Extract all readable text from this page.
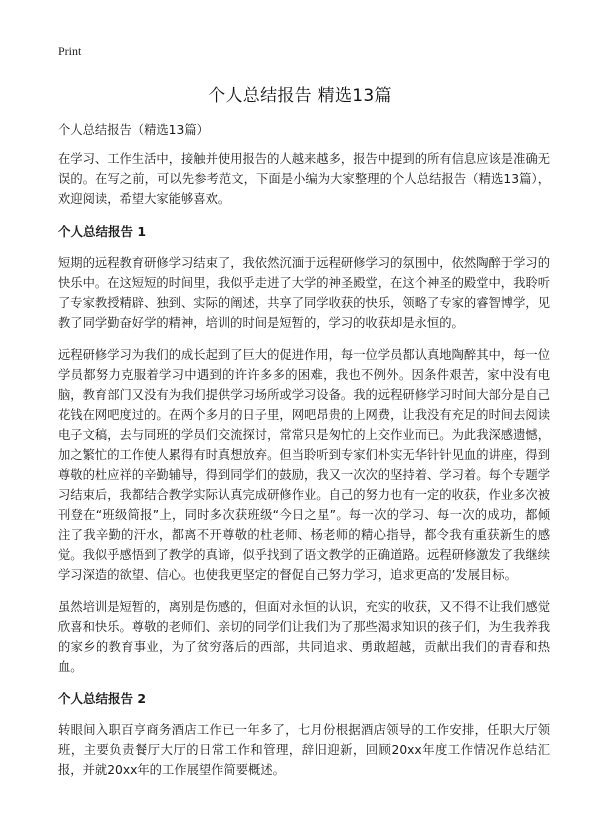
Print
个人总结报告 精选13篇
个人总结报告（精选13篇）

在学习、工作生活中，接触并使用报告的人越来越多，报告中提到的所有信息应该是准确无误的。在写之前，可以先参考范文，下面是小编为大家整理的个人总结报告（精选13篇），欢迎阅读，希望大家能够喜欢。

个人总结报告 1

短期的远程教育研修学习结束了，我依然沉湎于远程研修学习的氛围中，依然陶醉于学习的快乐中。在这短短的时间里，我似乎走进了大学的神圣殿堂，在这个神圣的殿堂中，我聆听了专家教授精辟、独到、实际的阐述，共享了同学收获的快乐，领略了专家的睿智博学，见教了同学勤奋好学的精神，培训的时间是短暂的，学习的收获却是永恒的。

远程研修学习为我们的成长起到了巨大的促进作用，每一位学员都认真地陶醉其中，每一位学员都努力克服着学习中遇到的许许多多的困难，我也不例外。因条件艰苦，家中没有电脑，教育部门又没有为我们提供学习场所或学习设备。我的远程研修学习时间大部分是自己花钱在网吧度过的。在两个多月的日子里，网吧昂贵的上网费，让我没有充足的时间去阅读电子文稿，去与同班的学员们交流探讨，常常只是匆忙的上交作业而已。为此我深感遗憾，加之繁忙的工作使人累得有时真想放弃。但当聆听到专家们朴实无华针针见血的讲座，得到尊敬的杜应祥的辛勤辅导，得到同学们的鼓励，我又一次次的坚持着、学习着。每个专题学习结束后，我都结合教学实际认真完成研修作业。自己的努力也有一定的收获，作业多次被刊登在“班级简报”上，同时多次获班级“今日之星”。每一次的学习、每一次的成功，都倾注了我辛勤的汗水，都离不开尊敬的杜老师、杨老师的精心指导，都令我有重获新生的感觉。我似乎感悟到了教学的真谛，似乎找到了语文教学的正确道路。远程研修激发了我继续学习深造的欲望、信心。也使我更坚定的督促自己努力学习，追求更高的’发展目标。

虽然培训是短暂的，离别是伤感的，但面对永恒的认识，充实的收获，又不得不让我们感觉欣喜和快乐。尊敬的老师们、亲切的同学们让我们为了那些渴求知识的孩子们，为生我养我的家乡的教育事业，为了贫穷落后的西部，共同追求、勇敢超越，贡献出我们的青春和热血。

个人总结报告 2

转眼间入职百亨商务酒店工作已一年多了，七月份根据酒店领导的工作安排，任职大厅领班，主要负责餐厅大厅的日常工作和管理，辞旧迎新，回顾20xx年度工作情况作总结汇报，并就20xx年的工作展望作简要概述。
